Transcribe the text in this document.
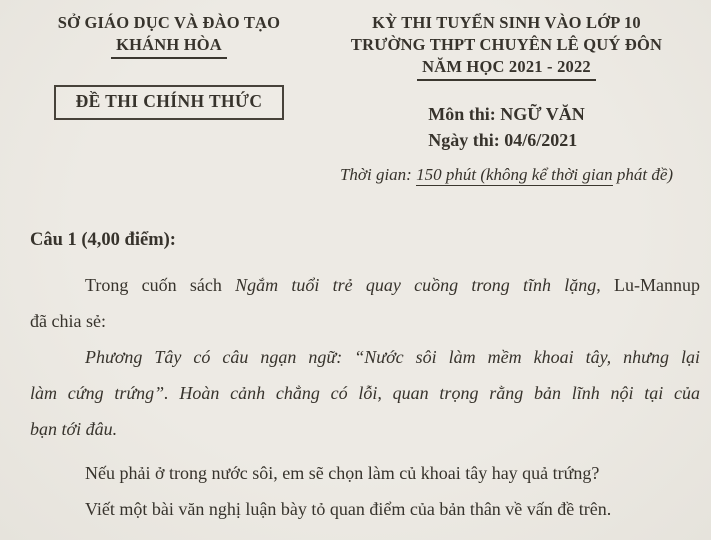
SỞ GIÁO DỤC VÀ ĐÀO TẠO
KHÁNH HÒA
ĐỀ THI CHÍNH THỨC
KỲ THI TUYỂN SINH VÀO LỚP 10
TRƯỜNG THPT CHUYÊN LÊ QUÝ ĐÔN
NĂM HỌC 2021 - 2022
Môn thi: NGỮ VĂN
Ngày thi: 04/6/2021
Thời gian: 150 phút (không kể thời gian phát đề)
Câu 1 (4,00 điểm):
Trong cuốn sách Ngắm tuổi trẻ quay cuồng trong tĩnh lặng, Lu-Mannup
đã chia sẻ:
Phương Tây có câu ngạn ngữ: “Nước sôi làm mềm khoai tây, nhưng lại
làm cứng trứng”. Hoàn cảnh chẳng có lỗi, quan trọng rằng bản lĩnh nội tại của
bạn tới đâu.
Nếu phải ở trong nước sôi, em sẽ chọn làm củ khoai tây hay quả trứng?
Viết một bài văn nghị luận bày tỏ quan điểm của bản thân về vấn đề trên.
